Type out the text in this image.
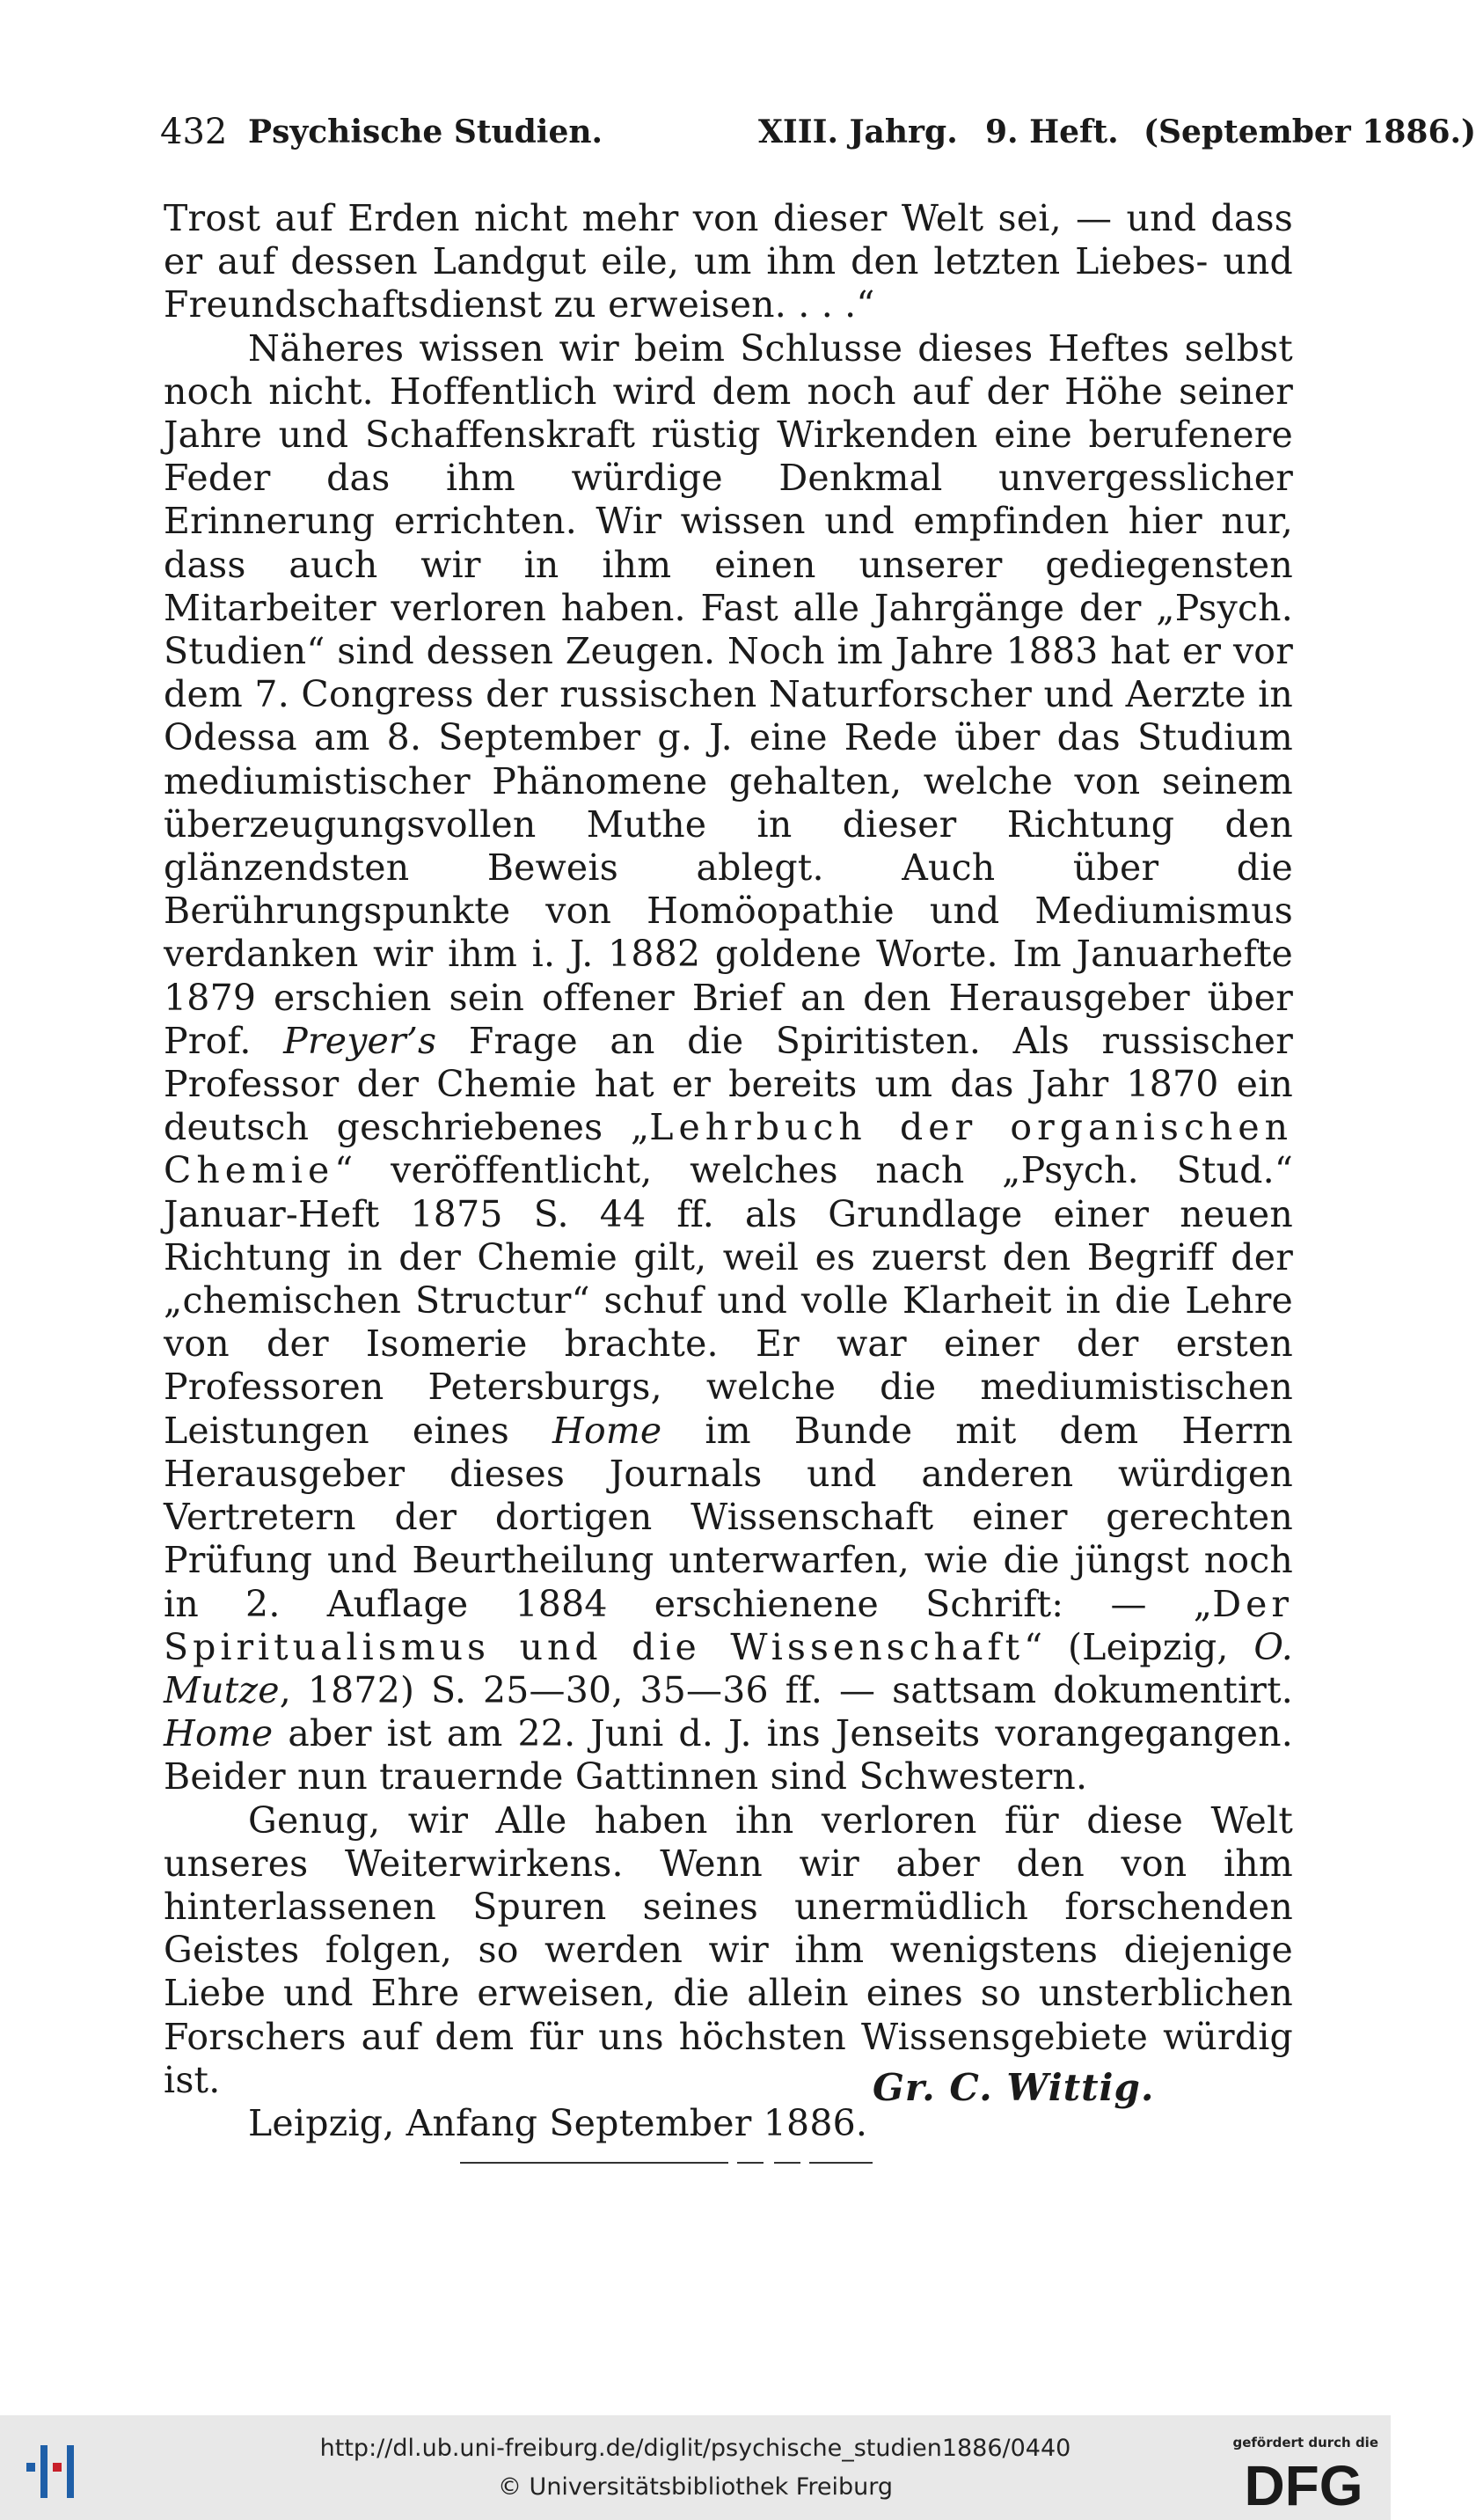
432 Psychische Studien.	XIII. Jahrg. 9. Heft. (September 1886.)

Trost auf Erden nicht mehr von dieser Welt sei, — und dass er auf dessen Landgut eile, um ihm den letzten Liebes- und Freundschaftsdienst zu erweisen. . . .“

Näheres wissen wir beim Schlusse dieses Heftes selbst noch nicht. Hoffentlich wird dem noch auf der Höhe seiner Jahre und Schaffenskraft rüstig Wirkenden eine berufenere Feder das ihm würdige Denkmal unvergesslicher Erinnerung errichten. Wir wissen und empfinden hier nur, dass auch wir in ihm einen unserer gediegensten Mitarbeiter verloren haben. Fast alle Jahrgänge der „Psych. Studien“ sind dessen Zeugen. Noch im Jahre 1883 hat er vor dem 7. Congress der russischen Naturforscher und Aerzte in Odessa am 8. September g. J. eine Rede über das Studium mediumistischer Phänomene gehalten, welche von seinem überzeugungsvollen Muthe in dieser Richtung den glänzendsten Beweis ablegt. Auch über die Berührungspunkte von Homöopathie und Mediumismus verdanken wir ihm i. J. 1882 goldene Worte. Im Januarhefte 1879 erschien sein offener Brief an den Herausgeber über Prof. Preyer’s Frage an die Spiritisten. Als russischer Professor der Chemie hat er bereits um das Jahr 1870 ein deutsch geschriebenes „Lehrbuch der organischen Chemie“ veröffentlicht, welches nach „Psych. Stud.“ Januar-Heft 1875 S. 44 ff. als Grundlage einer neuen Richtung in der Chemie gilt, weil es zuerst den Begriff der „chemischen Structur“ schuf und volle Klarheit in die Lehre von der Isomerie brachte. Er war einer der ersten Professoren Petersburgs, welche die mediumistischen Leistungen eines Home im Bunde mit dem Herrn Herausgeber dieses Journals und anderen würdigen Vertretern der dortigen Wissenschaft einer gerechten Prüfung und Beurtheilung unterwarfen, wie die jüngst noch in 2. Auflage 1884 erschienene Schrift: — „Der Spiritualismus und die Wissenschaft“ (Leipzig, O. Mutze, 1872) S. 25—30, 35—36 ff. — sattsam dokumentirt. Home aber ist am 22. Juni d. J. ins Jenseits vorangegangen. Beider nun trauernde Gattinnen sind Schwestern.

Genug, wir Alle haben ihn verloren für diese Welt unseres Weiterwirkens. Wenn wir aber den von ihm hinterlassenen Spuren seines unermüdlich forschenden Geistes folgen, so werden wir ihm wenigstens diejenige Liebe und Ehre erweisen, die allein eines so unsterblichen Forschers auf dem für uns höchsten Wissensgebiete würdig ist.

Leipzig, Anfang September 1886.

Gr. C. Wittig.
http://dl.ub.uni-freiburg.de/diglit/psychische_studien1886/0440
© Universitätsbibliothek Freiburg
gefördert durch die
DFG
